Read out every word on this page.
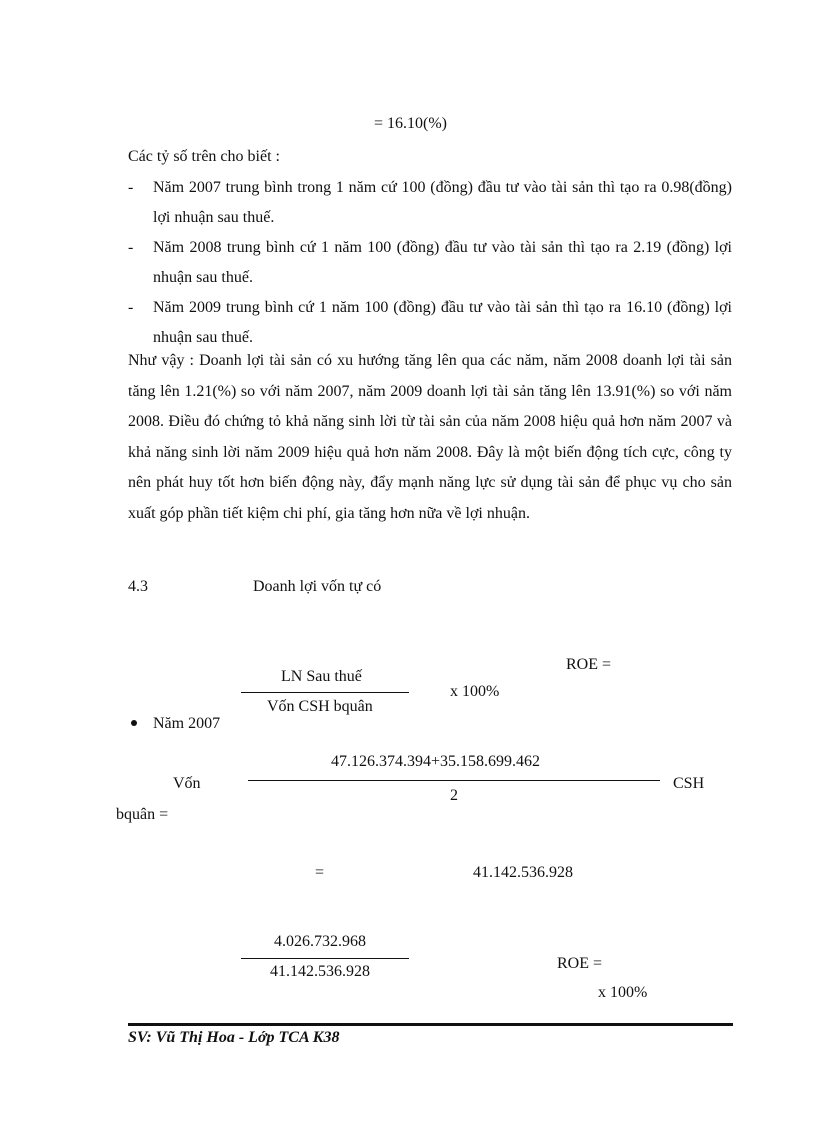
= 16.10(%)
Các tỷ số trên cho biết :
- Năm 2007 trung bình trong 1 năm cứ 100 (đồng) đầu tư vào tài sản thì tạo ra 0.98(đồng) lợi nhuận sau thuế.
- Năm 2008 trung bình cứ 1 năm 100 (đồng) đầu tư vào tài sản thì tạo ra 2.19 (đồng) lợi nhuận sau thuế.
- Năm 2009 trung bình cứ 1 năm 100 (đồng) đầu tư vào tài sản thì tạo ra 16.10 (đồng) lợi nhuận sau thuế.
Như vậy : Doanh lợi tài sản có xu hướng tăng lên qua các năm, năm 2008 doanh lợi tài sản tăng lên 1.21(%) so với năm 2007, năm 2009 doanh lợi tài sản tăng lên 13.91(%) so với năm 2008. Điều đó chứng tỏ khả năng sinh lời từ tài sản của năm 2008 hiệu quả hơn năm 2007 và khả năng sinh lời năm 2009 hiệu quả hơn năm 2008. Đây là một biến động tích cực, công ty nên phát huy tốt hơn biến động này, đẩy mạnh năng lực sử dụng tài sản để phục vụ cho sản xuất góp phần tiết kiệm chi phí, gia tăng hơn nữa về lợi nhuận.
4.3	Doanh lợi vốn tự có
ROE =
LN Sau thuế
x 100%
Vốn CSH bquân
Năm 2007
47.126.374.394+35.158.699.462
Vốn	CSH
2
bquân =
=	41.142.536.928
4.026.732.968
ROE =
41.142.536.928
x 100%
SV: Vũ Thị Hoa - Lớp TCA K38
